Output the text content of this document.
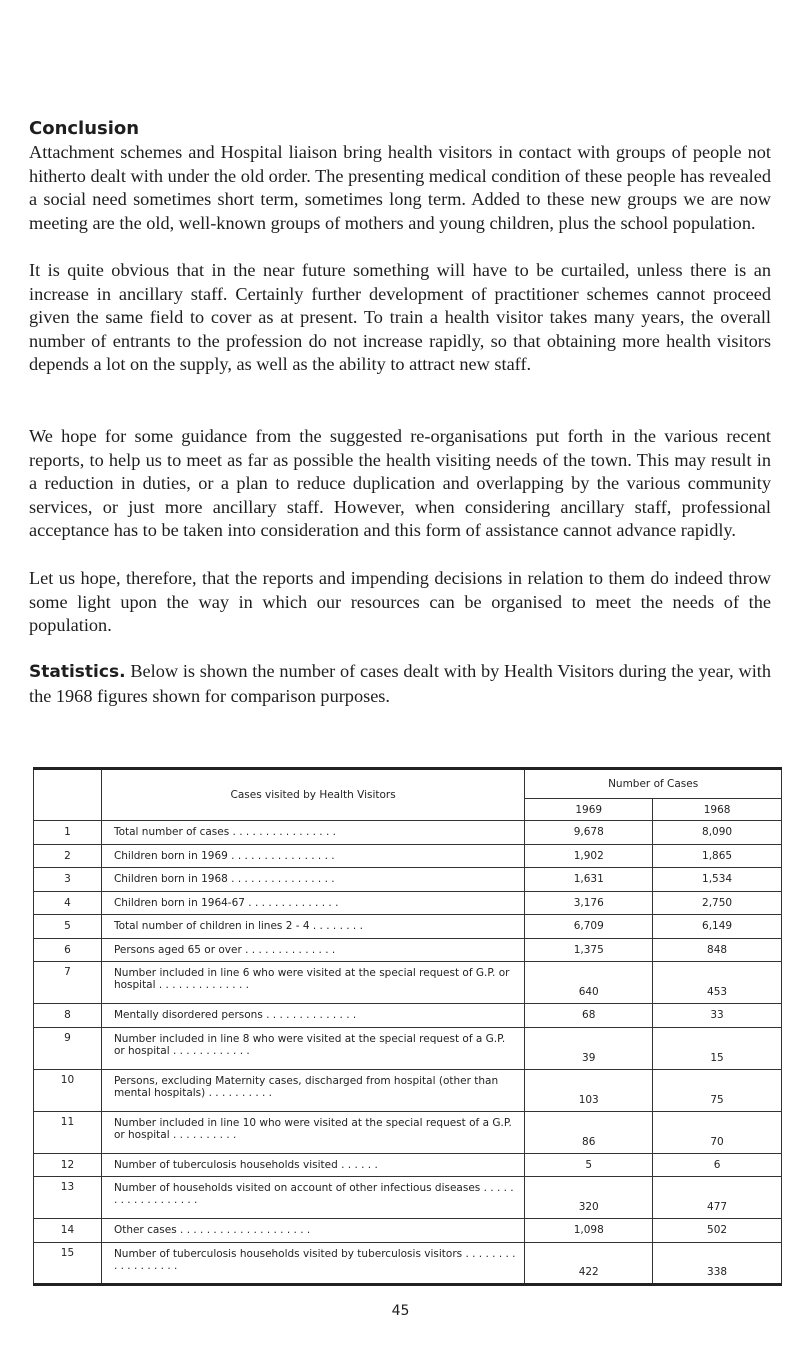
Conclusion

Attachment schemes and Hospital liaison bring health visitors in contact with groups of people not hitherto dealt with under the old order. The presenting medical condition of these people has revealed a social need sometimes short term, sometimes long term. Added to these new groups we are now meeting are the old, well-known groups of mothers and young children, plus the school population.

It is quite obvious that in the near future something will have to be curtailed, unless there is an increase in ancillary staff. Certainly further development of practitioner schemes cannot proceed given the same field to cover as at present. To train a health visitor takes many years, the overall number of entrants to the profession do not increase rapidly, so that obtaining more health visitors depends a lot on the supply, as well as the ability to attract new staff.

We hope for some guidance from the suggested re-organisations put forth in the various recent reports, to help us to meet as far as possible the health visiting needs of the town. This may result in a reduction in duties, or a plan to reduce duplication and overlapping by the various community services, or just more ancillary staff. However, when considering ancillary staff, professional acceptance has to be taken into consideration and this form of assistance cannot advance rapidly.

Let us hope, therefore, that the reports and impending decisions in relation to them do indeed throw some light upon the way in which our resources can be organised to meet the needs of the population.

Statistics. Below is shown the number of cases dealt with by Health Visitors during the year, with the 1968 figures shown for comparison purposes.

	Cases visited by Health Visitors	Number of Cases	
		1969	1968
1	Total number of cases . . . . . . . . . . . . . . . .	9,678	8,090
2	Children born in 1969 . . . . . . . . . . . . . . . .	1,902	1,865
3	Children born in 1968 . . . . . . . . . . . . . . . .	1,631	1,534
4	Children born in 1964-67 . . . . . . . . . . . . . .	3,176	2,750
5	Total number of children in lines 2 - 4 . . . . . . . .	6,709	6,149
6	Persons aged 65 or over . . . . . . . . . . . . . .	1,375	848
7	Number included in line 6 who were visited at the special request of G.P. or hospital . . . . . . . . . . . . . .	640	453
8	Mentally disordered persons . . . . . . . . . . . . . .	68	33
9	Number included in line 8 who were visited at the special request of a G.P. or hospital . . . . . . . . . . . .	39	15
10	Persons, excluding Maternity cases, discharged from hospital (other than mental hospitals) . . . . . . . . . .	103	75
11	Number included in line 10 who were visited at the special request of a G.P. or hospital . . . . . . . . . .	86	70
12	Number of tuberculosis households visited . . . . . .	5	6
13	Number of households visited on account of other infectious diseases . . . . . . . . . . . . . . . . . .	320	477
14	Other cases . . . . . . . . . . . . . . . . . . . .	1,098	502
15	Number of tuberculosis households visited by tuberculosis visitors . . . . . . . . . . . . . . . . . .	422	338
45
